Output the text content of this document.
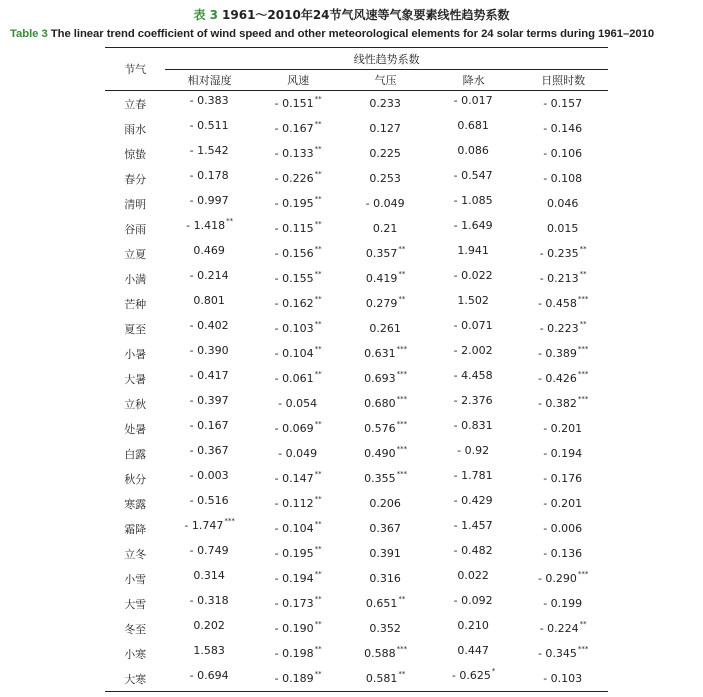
表 3 1961～2010年24节气风速等气象要素线性趋势系数
Table 3 The linear trend coefficient of wind speed and other meteorological elements for 24 solar terms during 1961–2010
节气	线性趋势系数				
	相对湿度	风速	气压	降水	日照时数
立春	- 0.383	- 0.151**	0.233	- 0.017	- 0.157
雨水	- 0.511	- 0.167**	0.127	0.681	- 0.146
惊蛰	- 1.542	- 0.133**	0.225	0.086	- 0.106
春分	- 0.178	- 0.226**	0.253	- 0.547	- 0.108
清明	- 0.997	- 0.195**	- 0.049	- 1.085	0.046
谷雨	- 1.418**	- 0.115**	0.21	- 1.649	0.015
立夏	0.469	- 0.156**	0.357**	1.941	- 0.235**
小满	- 0.214	- 0.155**	0.419**	- 0.022	- 0.213**
芒种	0.801	- 0.162**	0.279**	1.502	- 0.458***
夏至	- 0.402	- 0.103**	0.261	- 0.071	- 0.223**
小暑	- 0.390	- 0.104**	0.631***	- 2.002	- 0.389***
大暑	- 0.417	- 0.061**	0.693***	- 4.458	- 0.426***
立秋	- 0.397	- 0.054	0.680***	- 2.376	- 0.382***
处暑	- 0.167	- 0.069**	0.576***	- 0.831	- 0.201
白露	- 0.367	- 0.049	0.490***	- 0.92	- 0.194
秋分	- 0.003	- 0.147**	0.355***	- 1.781	- 0.176
寒露	- 0.516	- 0.112**	0.206	- 0.429	- 0.201
霜降	- 1.747***	- 0.104**	0.367	- 1.457	- 0.006
立冬	- 0.749	- 0.195**	0.391	- 0.482	- 0.136
小雪	0.314	- 0.194**	0.316	0.022	- 0.290***
大雪	- 0.318	- 0.173**	0.651**	- 0.092	- 0.199
冬至	0.202	- 0.190**	0.352	0.210	- 0.224**
小寒	1.583	- 0.198**	0.588***	0.447	- 0.345***
大寒	- 0.694	- 0.189**	0.581**	- 0.625*	- 0.103
